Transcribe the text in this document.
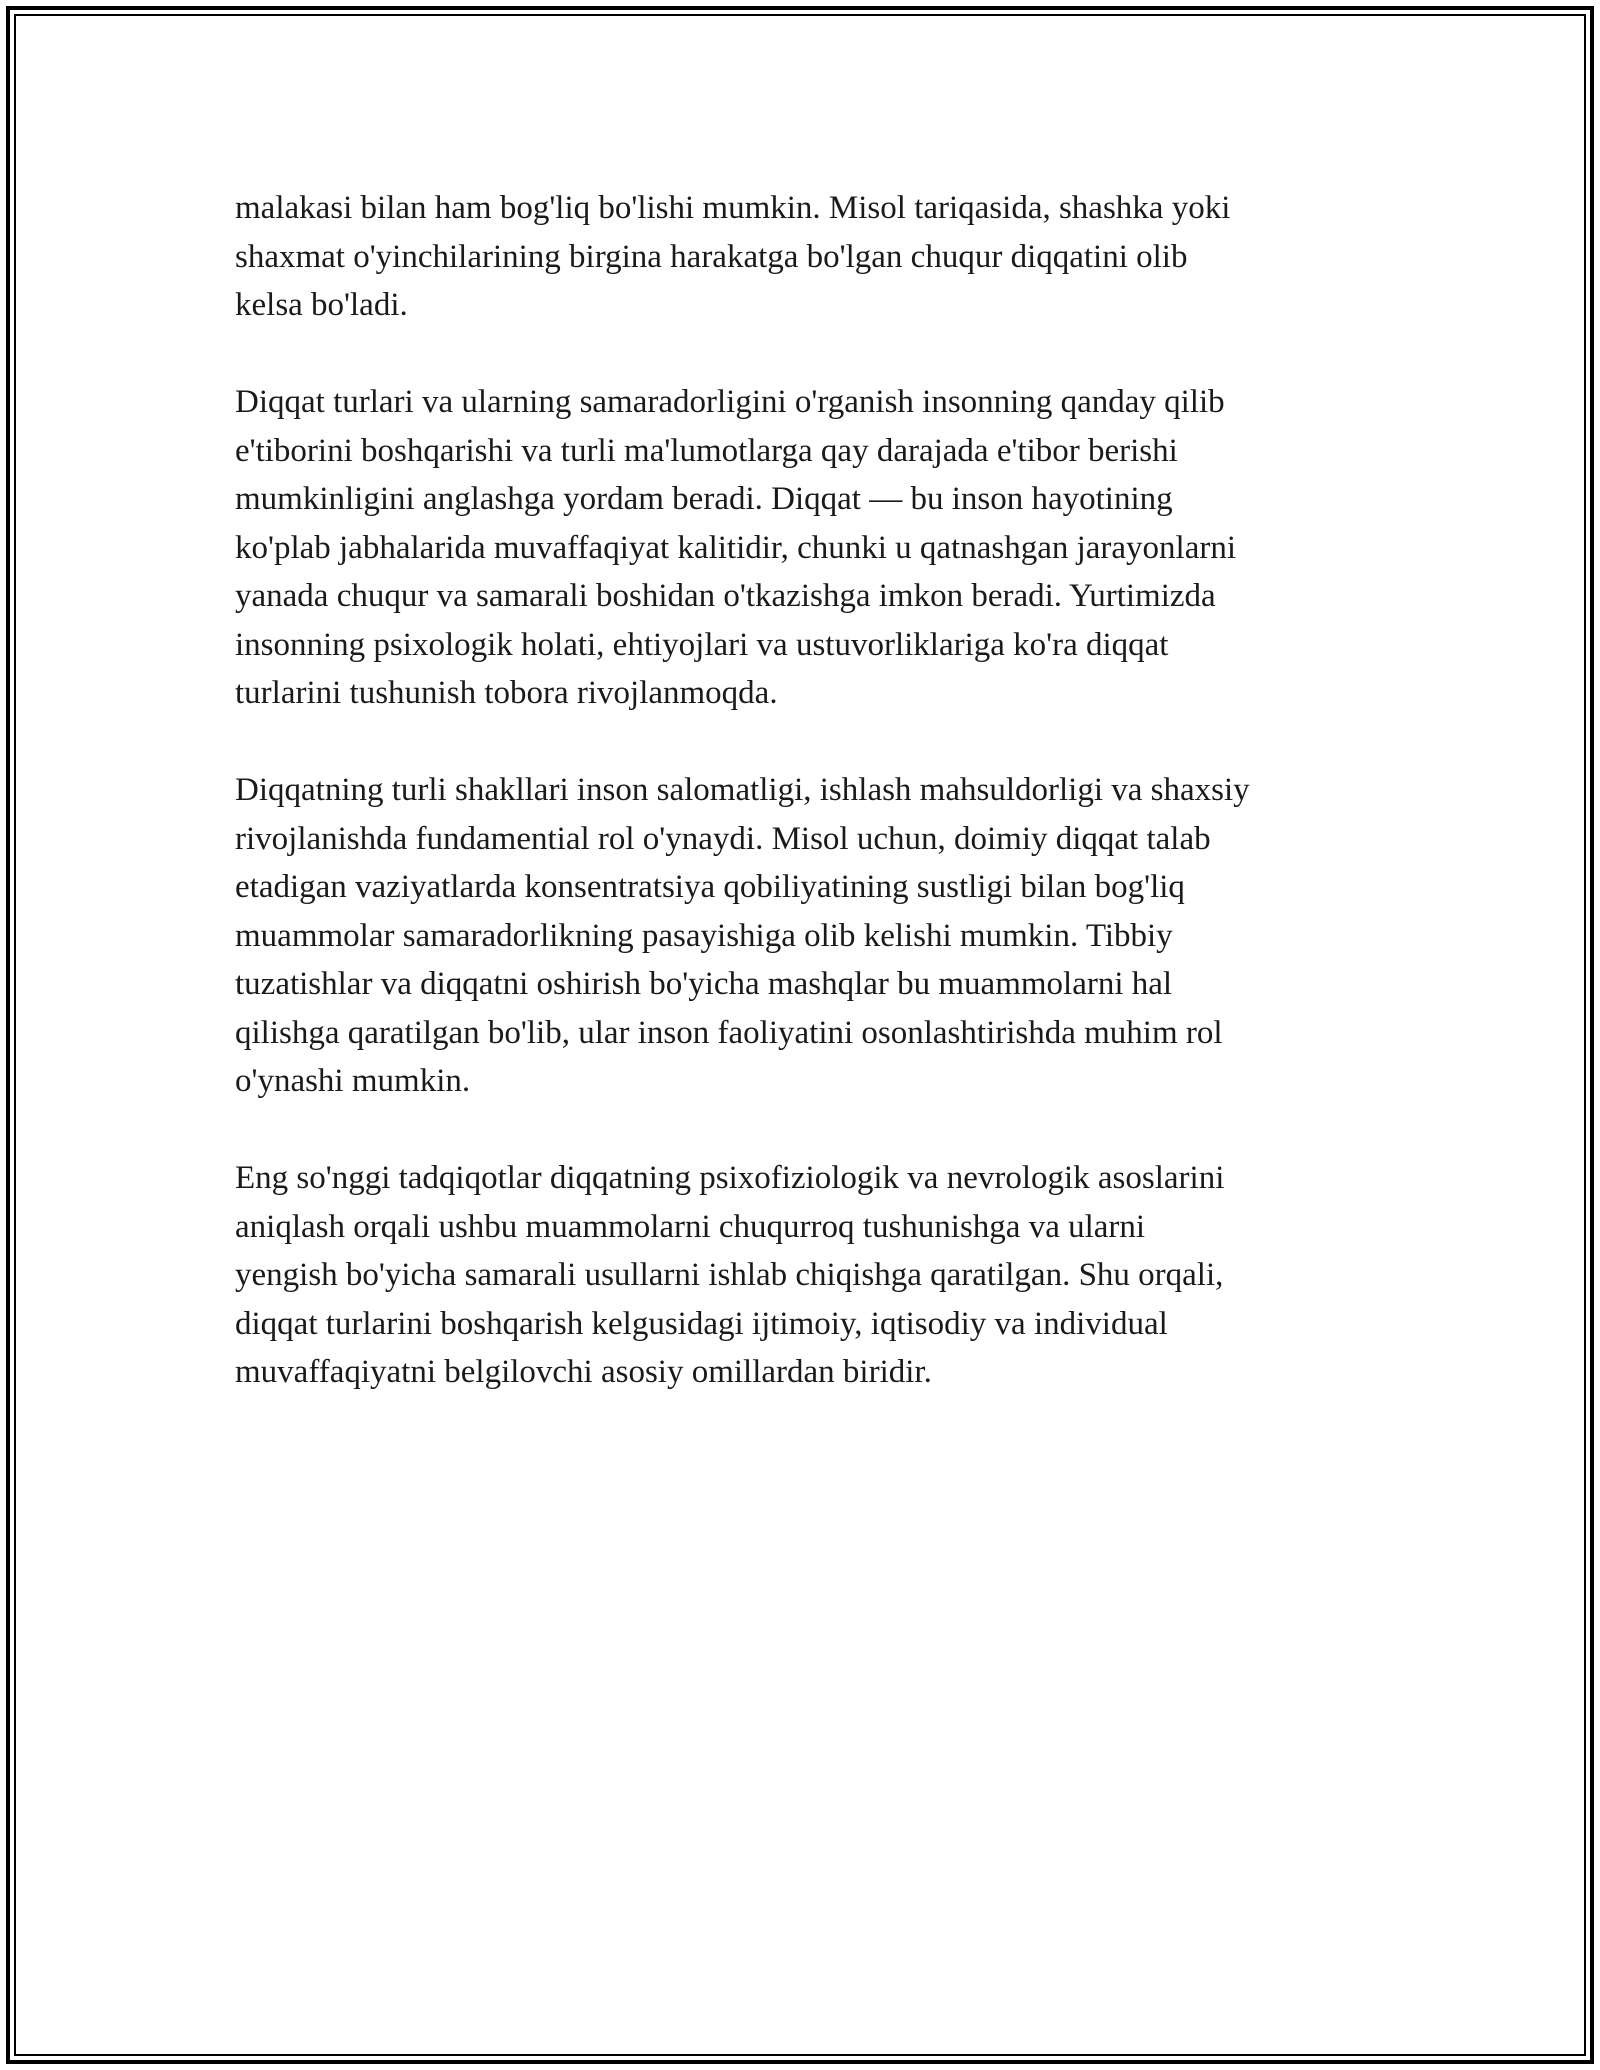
malakasi bilan ham bog'liq bo'lishi mumkin. Misol tariqasida, shashka yoki
shaxmat o'yinchilarining birgina harakatga bo'lgan chuqur diqqatini olib
kelsa bo'ladi.

Diqqat turlari va ularning samaradorligini o'rganish insonning qanday qilib
e'tiborini boshqarishi va turli ma'lumotlarga qay darajada e'tibor berishi
mumkinligini anglashga yordam beradi. Diqqat — bu inson hayotining
ko'plab jabhalarida muvaffaqiyat kalitidir, chunki u qatnashgan jarayonlarni
yanada chuqur va samarali boshidan o'tkazishga imkon beradi. Yurtimizda
insonning psixologik holati, ehtiyojlari va ustuvorliklariga ko'ra diqqat
turlarini tushunish tobora rivojlanmoqda.

Diqqatning turli shakllari inson salomatligi, ishlash mahsuldorligi va shaxsiy
rivojlanishda fundamential rol o'ynaydi. Misol uchun, doimiy diqqat talab
etadigan vaziyatlarda konsentratsiya qobiliyatining sustligi bilan bog'liq
muammolar samaradorlikning pasayishiga olib kelishi mumkin. Tibbiy
tuzatishlar va diqqatni oshirish bo'yicha mashqlar bu muammolarni hal
qilishga qaratilgan bo'lib, ular inson faoliyatini osonlashtirishda muhim rol
o'ynashi mumkin.

Eng so'nggi tadqiqotlar diqqatning psixofiziologik va nevrologik asoslarini
aniqlash orqali ushbu muammolarni chuqurroq tushunishga va ularni
yengish bo'yicha samarali usullarni ishlab chiqishga qaratilgan. Shu orqali,
diqqat turlarini boshqarish kelgusidagi ijtimoiy, iqtisodiy va individual
muvaffaqiyatni belgilovchi asosiy omillardan biridir.
